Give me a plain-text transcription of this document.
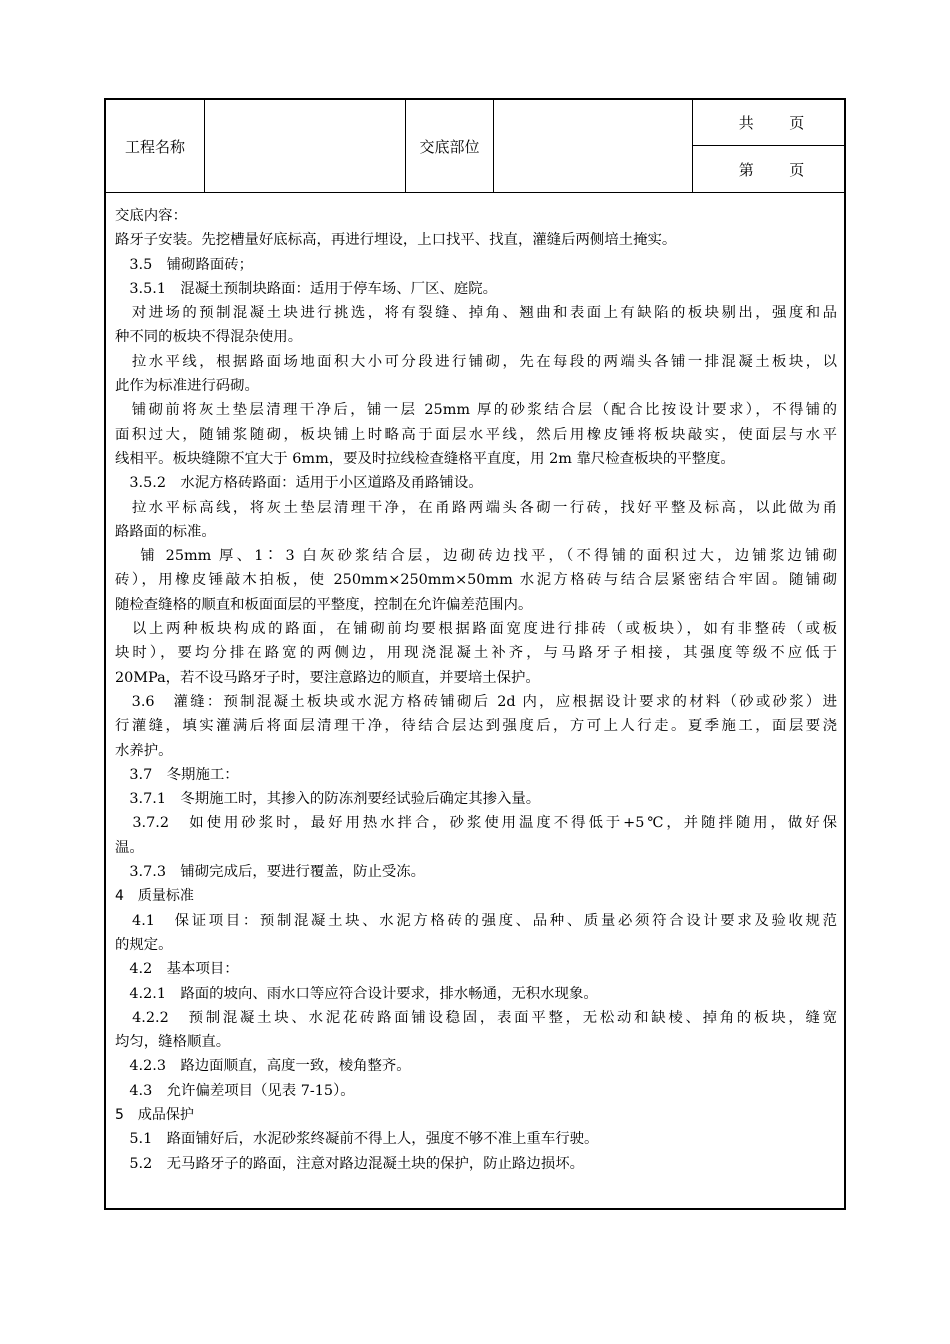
工程名称	交底部位
共 页
第 页
交底内容：
路牙子安装。先挖槽量好底标高，再进行埋设，上口找平、找直，灌缝后两侧培土掩实。
　3.5　铺砌路面砖；
　3.5.1　混凝土预制块路面：适用于停车场、厂区、庭院。
　对进场的预制混凝土块进行挑选，将有裂缝、掉角、翘曲和表面上有缺陷的板块剔出，强度和品
种不同的板块不得混杂使用。
　拉水平线，根据路面场地面积大小可分段进行铺砌，先在每段的两端头各铺一排混凝土板块，以
此作为标准进行码砌。
　铺砌前将灰土垫层清理干净后，铺一层 25mm 厚的砂浆结合层（配合比按设计要求），不得铺的
面积过大，随铺浆随砌，板块铺上时略高于面层水平线，然后用橡皮锤将板块敲实，使面层与水平
线相平。板块缝隙不宜大于 6mm，要及时拉线检查缝格平直度，用 2m 靠尺检查板块的平整度。
　3.5.2　水泥方格砖路面：适用于小区道路及甬路铺设。
　拉水平标高线，将灰土垫层清理干净，在甬路两端头各砌一行砖，找好平整及标高，以此做为甬
路路面的标准。
　 铺 25mm 厚、1∶ 3 白灰砂浆结合层，边砌砖边找平，（不得铺的面积过大，边铺浆边铺砌
砖），用橡皮锤敲木拍板，使 250mm×250mm×50mm 水泥方格砖与结合层紧密结合牢固。随铺砌
随检查缝格的顺直和板面面层的平整度，控制在允许偏差范围内。
　以上两种板块构成的路面，在铺砌前均要根据路面宽度进行排砖（或板块），如有非整砖（或板
块时），要均分排在路宽的两侧边，用现浇混凝土补齐，与马路牙子相接，其强度等级不应低于
20MPa，若不设马路牙子时，要注意路边的顺直，并要培土保护。
　3.6　灌缝：预制混凝土板块或水泥方格砖铺砌后 2d 内，应根据设计要求的材料（砂或砂浆）进
行灌缝，填实灌满后将面层清理干净，待结合层达到强度后，方可上人行走。夏季施工，面层要浇
水养护。
　3.7　冬期施工：
　3.7.1　冬期施工时，其掺入的防冻剂要经试验后确定其掺入量。
　3.7.2　如使用砂浆时，最好用热水拌合，砂浆使用温度不得低于+5℃，并随拌随用，做好保
温。
　3.7.3　铺砌完成后，要进行覆盖，防止受冻。
4　质量标准
　4.1　保证项目：预制混凝土块、水泥方格砖的强度、品种、质量必须符合设计要求及验收规范
的规定。
　4.2　基本项目：
　4.2.1　路面的坡向、雨水口等应符合设计要求，排水畅通，无积水现象。
　4.2.2　预制混凝土块、水泥花砖路面铺设稳固，表面平整，无松动和缺棱、掉角的板块，缝宽
均匀，缝格顺直。
　4.2.3　路边面顺直，高度一致，棱角整齐。
　4.3　允许偏差项目（见表 7-15）。
5　成品保护
　5.1　路面铺好后，水泥砂浆终凝前不得上人，强度不够不准上重车行驶。
　5.2　无马路牙子的路面，注意对路边混凝土块的保护，防止路边损坏。
